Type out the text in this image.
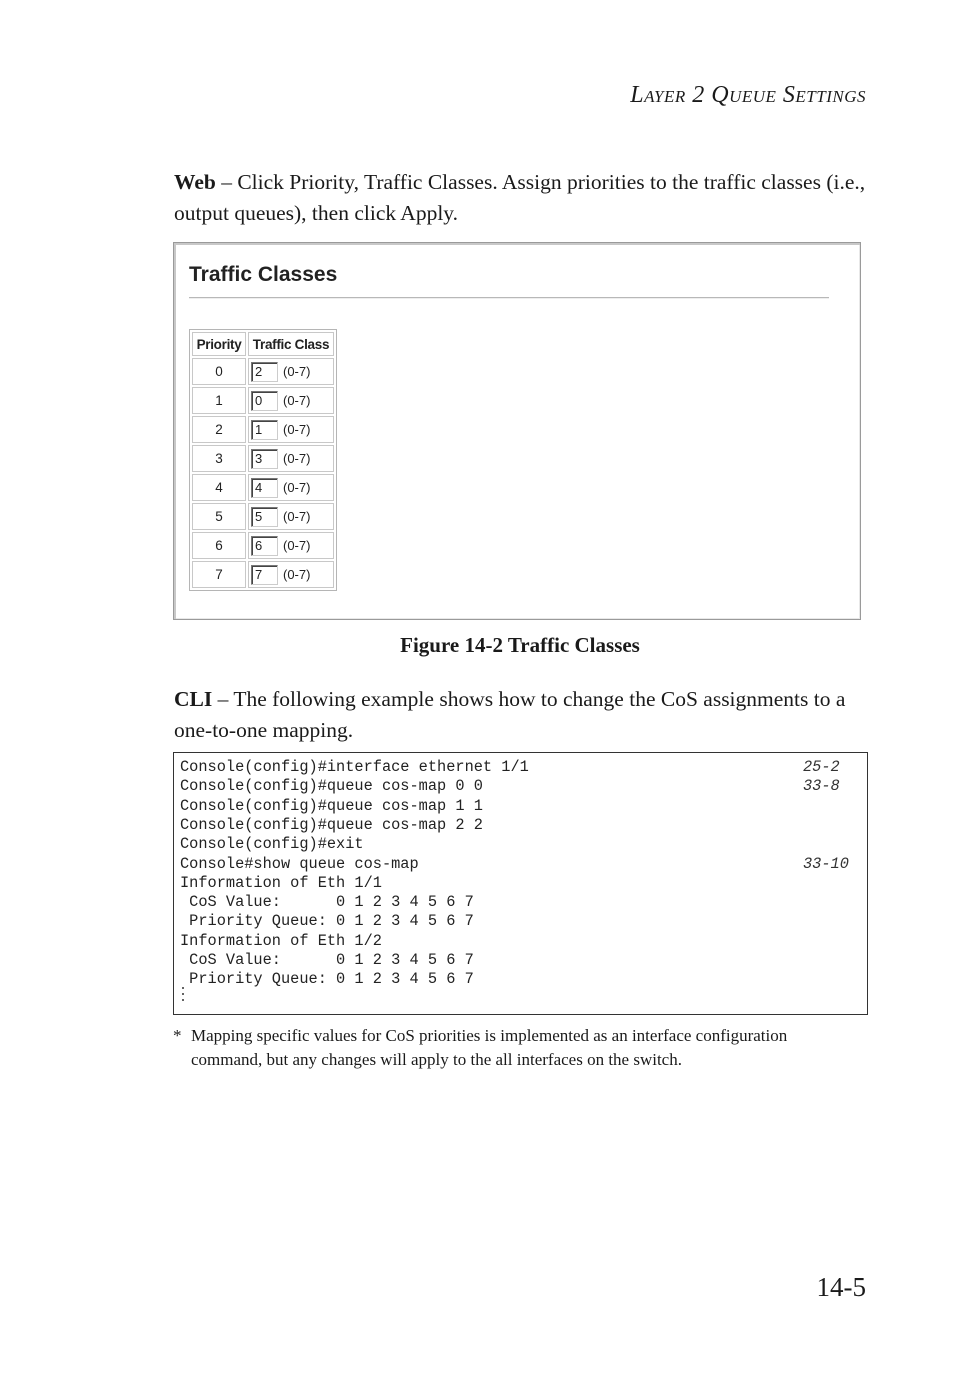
LAYER 2 QUEUE SETTINGS
Web – Click Priority, Traffic Classes. Assign priorities to the traffic classes (i.e., output queues), then click Apply.
Traffic Classes
Priority	Traffic Class
0	2 (0-7)
1	0 (0-7)
2	1 (0-7)
3	3 (0-7)
4	4 (0-7)
5	5 (0-7)
6	6 (0-7)
7	7 (0-7)
Figure 14-2 Traffic Classes
CLI – The following example shows how to change the CoS assignments to a one-to-one mapping.
Console(config)#interface ethernet 1/1	25-2
Console(config)#queue cos-map 0 0	33-8
Console(config)#queue cos-map 1 1
Console(config)#queue cos-map 2 2
Console(config)#exit
Console#show queue cos-map	33-10
Information of Eth 1/1
CoS Value:      0 1 2 3 4 5 6 7
Priority Queue: 0 1 2 3 4 5 6 7
Information of Eth 1/2
CoS Value:      0 1 2 3 4 5 6 7
Priority Queue: 0 1 2 3 4 5 6 7
* Mapping specific values for CoS priorities is implemented as an interface configuration command, but any changes will apply to the all interfaces on the switch.
14-5
